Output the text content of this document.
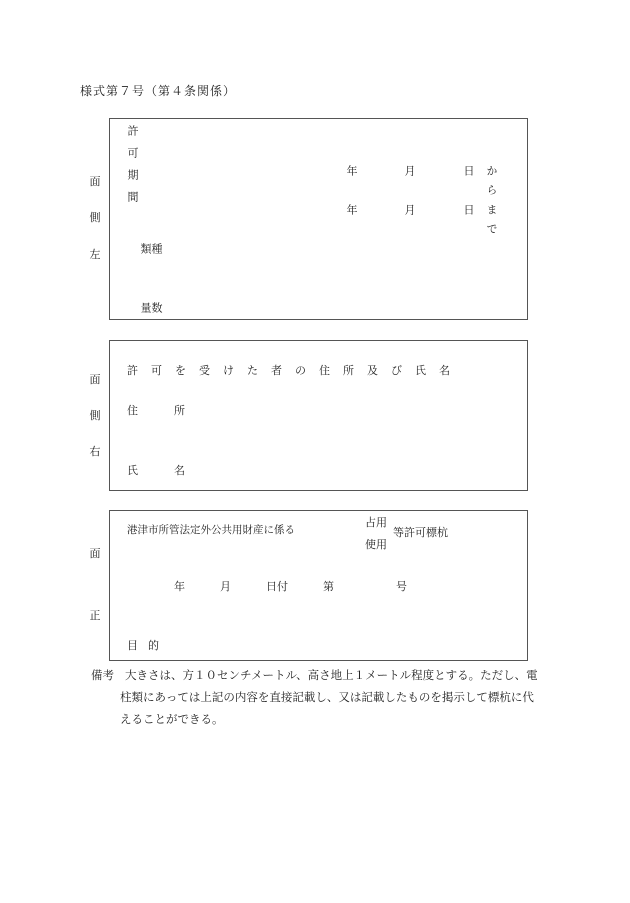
様式第７号（第４条関係）
面
側
左
許可期間	年	月	日 から
年	月	日 まで
種類
数量
面
側
右
許可を受けた者の住所及び氏名
住所
氏名
面
正
港津市所管法定外公共用財産に係る
占用
使用
等許可標杭
年	月	日付	第	号
目的
備考 大きさは、方１０センチメートル、高さ地上１メートル程度とする。ただし、電
柱類にあっては上記の内容を直接記載し、又は記載したものを掲示して標杭に代
えることができる。
